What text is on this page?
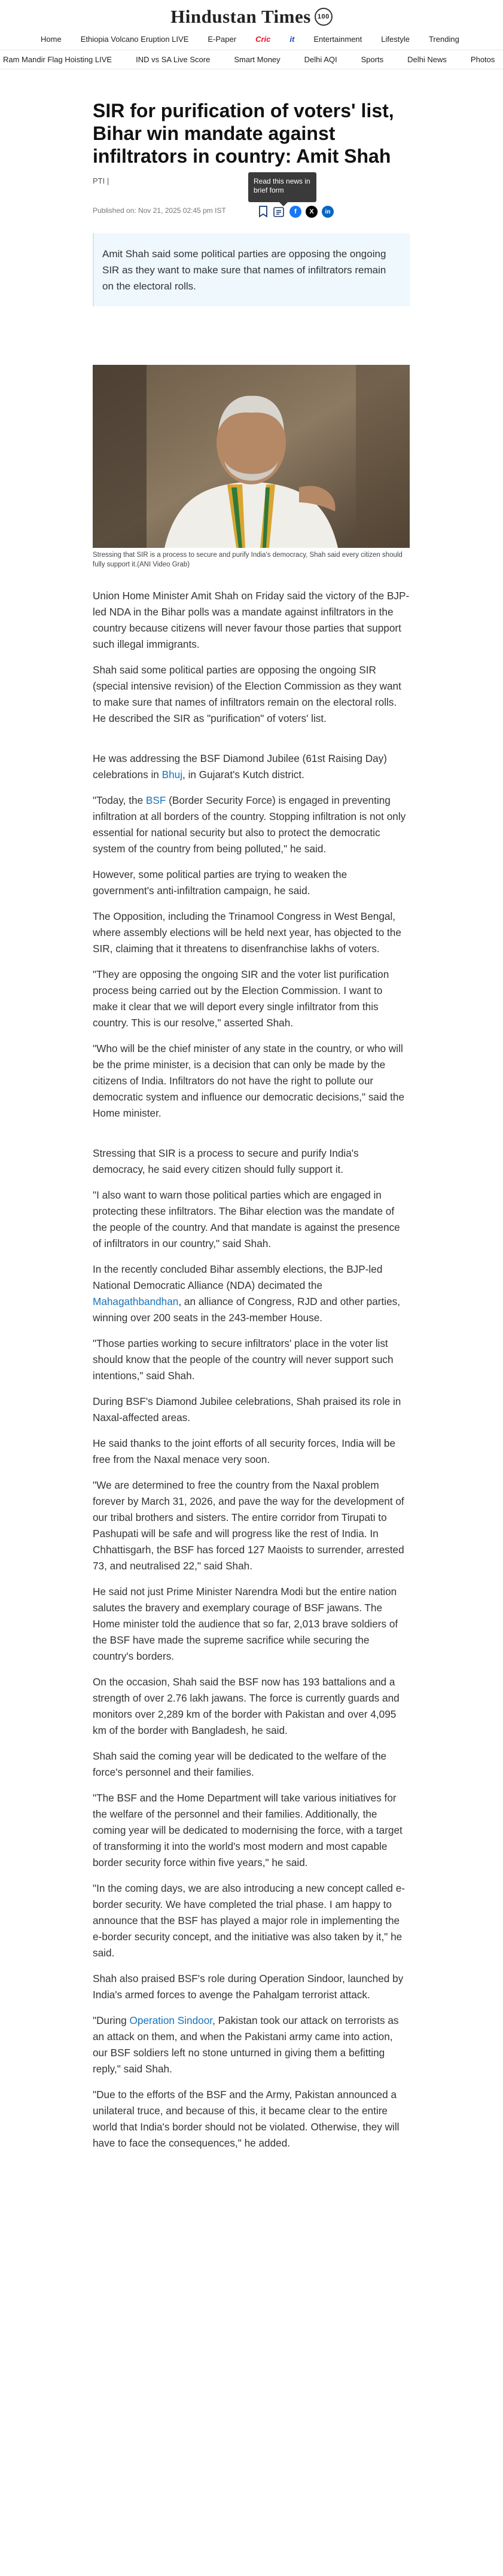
Hindustan Times	100
Home Ethiopia Volcano Eruption LIVE E-Paper Cric it Entertainment Lifestyle Trending
Ram Mandir Flag Hoisting LIVE	IND vs SA Live Score	Smart Money	Delhi AQI	Sports	Delhi News	Photos
SIR for purification of voters' list, Bihar win mandate against infiltrators in country: Amit Shah
PTI |
Published on: Nov 21, 2025 02:45 pm IST
Read this news in brief form
f	X	in

Amit Shah said some political parties are opposing the ongoing SIR as they want to make sure that names of infiltrators remain on the electoral rolls.

Stressing that SIR is a process to secure and purify India's democracy, Shah said every citizen should fully support it.(ANI Video Grab)

Union Home Minister Amit Shah on Friday said the victory of the BJP-led NDA in the Bihar polls was a mandate against infiltrators in the country because citizens will never favour those parties that support such illegal immigrants.

Shah said some political parties are opposing the ongoing SIR (special intensive revision) of the Election Commission as they want to make sure that names of infiltrators remain on the electoral rolls. He described the SIR as "purification" of voters' list.

He was addressing the BSF Diamond Jubilee (61st Raising Day) celebrations in Bhuj, in Gujarat's Kutch district.

"Today, the BSF (Border Security Force) is engaged in preventing infiltration at all borders of the country. Stopping infiltration is not only essential for national security but also to protect the democratic system of the country from being polluted," he said.

However, some political parties are trying to weaken the government's anti-infiltration campaign, he said.

The Opposition, including the Trinamool Congress in West Bengal, where assembly elections will be held next year, has objected to the SIR, claiming that it threatens to disenfranchise lakhs of voters.

"They are opposing the ongoing SIR and the voter list purification process being carried out by the Election Commission. I want to make it clear that we will deport every single infiltrator from this country. This is our resolve," asserted Shah.

"Who will be the chief minister of any state in the country, or who will be the prime minister, is a decision that can only be made by the citizens of India. Infiltrators do not have the right to pollute our democratic system and influence our democratic decisions," said the Home minister.

Stressing that SIR is a process to secure and purify India's democracy, he said every citizen should fully support it.

"I also want to warn those political parties which are engaged in protecting these infiltrators. The Bihar election was the mandate of the people of the country. And that mandate is against the presence of infiltrators in our country," said Shah.

In the recently concluded Bihar assembly elections, the BJP-led National Democratic Alliance (NDA) decimated the Mahagathbandhan, an alliance of Congress, RJD and other parties, winning over 200 seats in the 243-member House.

"Those parties working to secure infiltrators' place in the voter list should know that the people of the country will never support such intentions," said Shah.

During BSF's Diamond Jubilee celebrations, Shah praised its role in Naxal-affected areas.

He said thanks to the joint efforts of all security forces, India will be free from the Naxal menace very soon.

"We are determined to free the country from the Naxal problem forever by March 31, 2026, and pave the way for the development of our tribal brothers and sisters. The entire corridor from Tirupati to Pashupati will be safe and will progress like the rest of India. In Chhattisgarh, the BSF has forced 127 Maoists to surrender, arrested 73, and neutralised 22," said Shah.

He said not just Prime Minister Narendra Modi but the entire nation salutes the bravery and exemplary courage of BSF jawans. The Home minister told the audience that so far, 2,013 brave soldiers of the BSF have made the supreme sacrifice while securing the country's borders.

On the occasion, Shah said the BSF now has 193 battalions and a strength of over 2.76 lakh jawans. The force is currently guards and monitors over 2,289 km of the border with Pakistan and over 4,095 km of the border with Bangladesh, he said.

Shah said the coming year will be dedicated to the welfare of the force's personnel and their families.

"The BSF and the Home Department will take various initiatives for the welfare of the personnel and their families. Additionally, the coming year will be dedicated to modernising the force, with a target of transforming it into the world's most modern and most capable border security force within five years," he said.

"In the coming days, we are also introducing a new concept called e-border security. We have completed the trial phase. I am happy to announce that the BSF has played a major role in implementing the e-border security concept, and the initiative was also taken by it," he said.

Shah also praised BSF's role during Operation Sindoor, launched by India's armed forces to avenge the Pahalgam terrorist attack.

"During Operation Sindoor, Pakistan took our attack on terrorists as an attack on them, and when the Pakistani army came into action, our BSF soldiers left no stone unturned in giving them a befitting reply," said Shah.

"Due to the efforts of the BSF and the Army, Pakistan announced a unilateral truce, and because of this, it became clear to the entire world that India's border should not be violated. Otherwise, they will have to face the consequences," he added.
